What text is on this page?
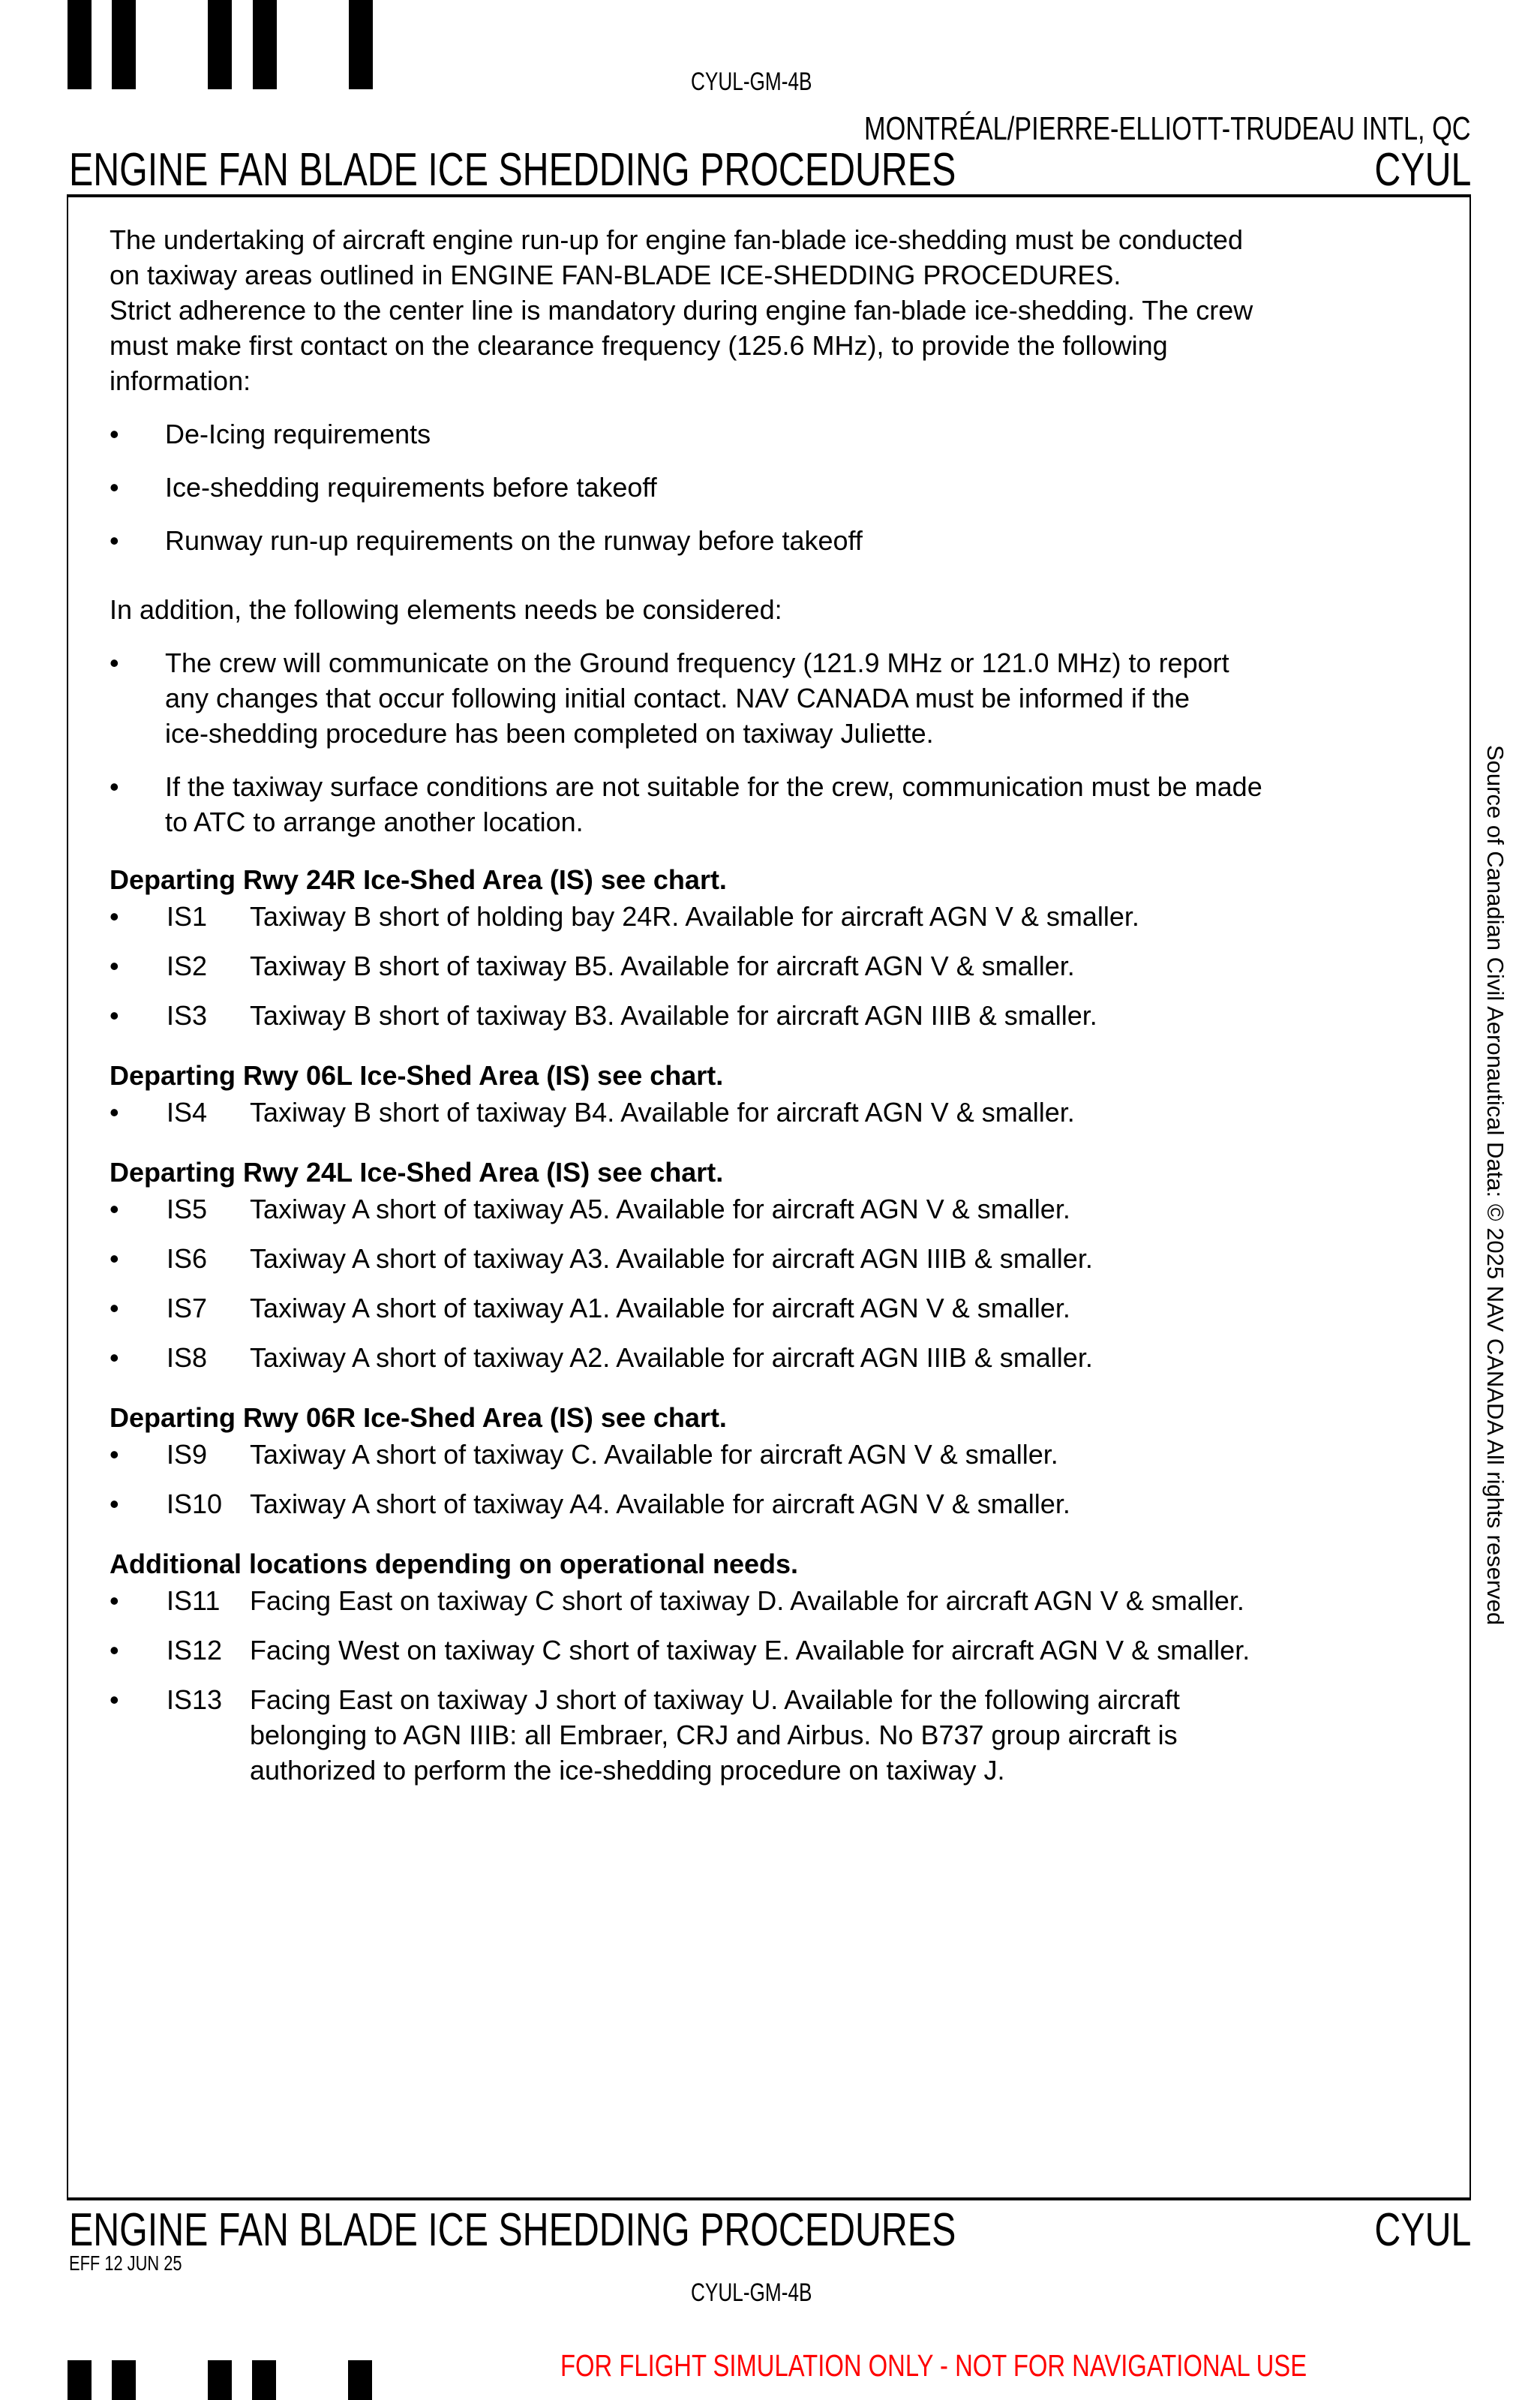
CYUL-GM-4B
MONTRÉAL/PIERRE-ELLIOTT-TRUDEAU INTL, QC
ENGINE FAN BLADE ICE SHEDDING PROCEDURES	CYUL

The undertaking of aircraft engine run-up for engine fan-blade ice-shedding must be conducted

on taxiway areas outlined in ENGINE FAN-BLADE ICE-SHEDDING PROCEDURES.

Strict adherence to the center line is mandatory during engine fan-blade ice-shedding. The crew

must make first contact on the clearance frequency (125.6 MHz), to provide the following

information:

• De-Icing requirements
• Ice-shedding requirements before takeoff
• Runway run-up requirements on the runway before takeoff

In addition, the following elements needs be considered:

• The crew will communicate on the Ground frequency (121.9 MHz or 121.0 MHz) to report

any changes that occur following initial contact. NAV CANADA must be informed if the

ice-shedding procedure has been completed on taxiway Juliette.

• If the taxiway surface conditions are not suitable for the crew, communication must be made

to ATC to arrange another location.

Departing Rwy 24R Ice-Shed Area (IS) see chart.
• IS1 Taxiway B short of holding bay 24R. Available for aircraft AGN V & smaller.
• IS2 Taxiway B short of taxiway B5. Available for aircraft AGN V & smaller.
• IS3 Taxiway B short of taxiway B3. Available for aircraft AGN IIIB & smaller.
Departing Rwy 06L Ice-Shed Area (IS) see chart.
• IS4 Taxiway B short of taxiway B4. Available for aircraft AGN V & smaller.
Departing Rwy 24L Ice-Shed Area (IS) see chart.
• IS5 Taxiway A short of taxiway A5. Available for aircraft AGN V & smaller.
• IS6 Taxiway A short of taxiway A3. Available for aircraft AGN IIIB & smaller.
• IS7 Taxiway A short of taxiway A1. Available for aircraft AGN V & smaller.
• IS8 Taxiway A short of taxiway A2. Available for aircraft AGN IIIB & smaller.
Departing Rwy 06R Ice-Shed Area (IS) see chart.
• IS9 Taxiway A short of taxiway C. Available for aircraft AGN V & smaller.
• IS10 Taxiway A short of taxiway A4. Available for aircraft AGN V & smaller.
Additional locations depending on operational needs.
• IS11 Facing East on taxiway C short of taxiway D. Available for aircraft AGN V & smaller.
• IS12 Facing West on taxiway C short of taxiway E. Available for aircraft AGN V & smaller.
• IS13 Facing East on taxiway J short of taxiway U. Available for the following aircraft
belonging to AGN IIIB: all Embraer, CRJ and Airbus. No B737 group aircraft is
authorized to perform the ice-shedding procedure on taxiway J.
Source of Canadian Civil Aeronautical Data: © 2025 NAV CANADA All rights reserved
ENGINE FAN BLADE ICE SHEDDING PROCEDURES	CYUL
EFF 12 JUN 25
CYUL-GM-4B
FOR FLIGHT SIMULATION ONLY - NOT FOR NAVIGATIONAL USE
